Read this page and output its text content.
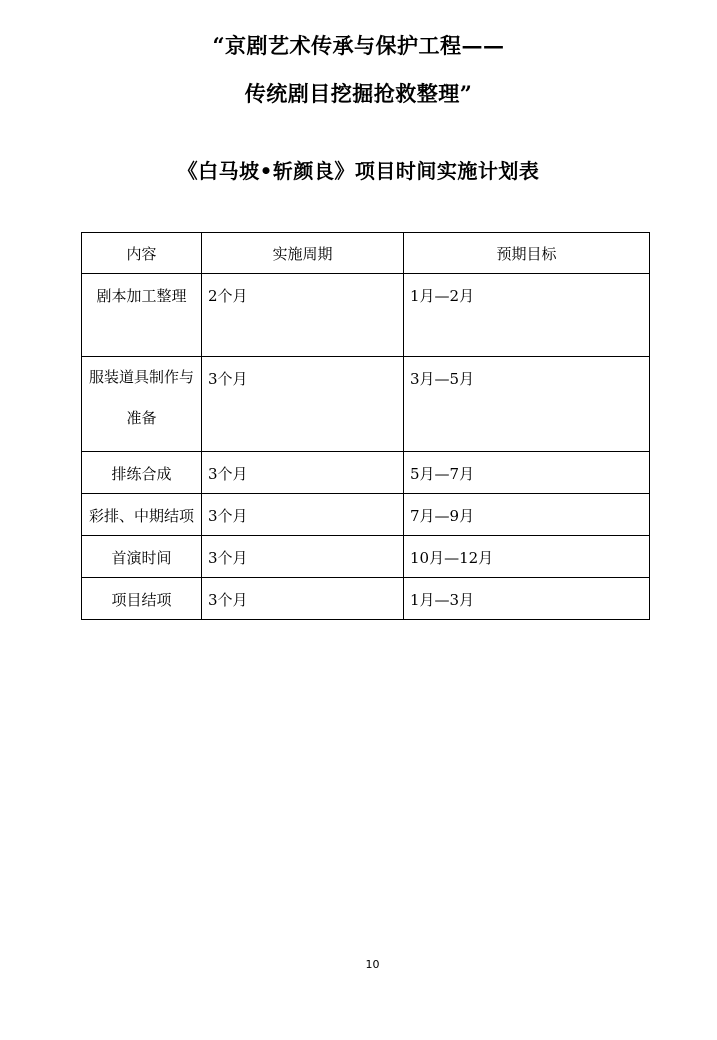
“京剧艺术传承与保护工程——
传统剧目挖掘抢救整理”
《白马坡•斩颜良》项目时间实施计划表
内容	实施周期	预期目标
剧本加工整理	2个月	1月—2月
服装道具制作与准备	3个月	3月—5月
排练合成	3个月	5月—7月
彩排、中期结项	3个月	7月—9月
首演时间	3个月	10月—12月
项目结项	3个月	1月—3月
10
